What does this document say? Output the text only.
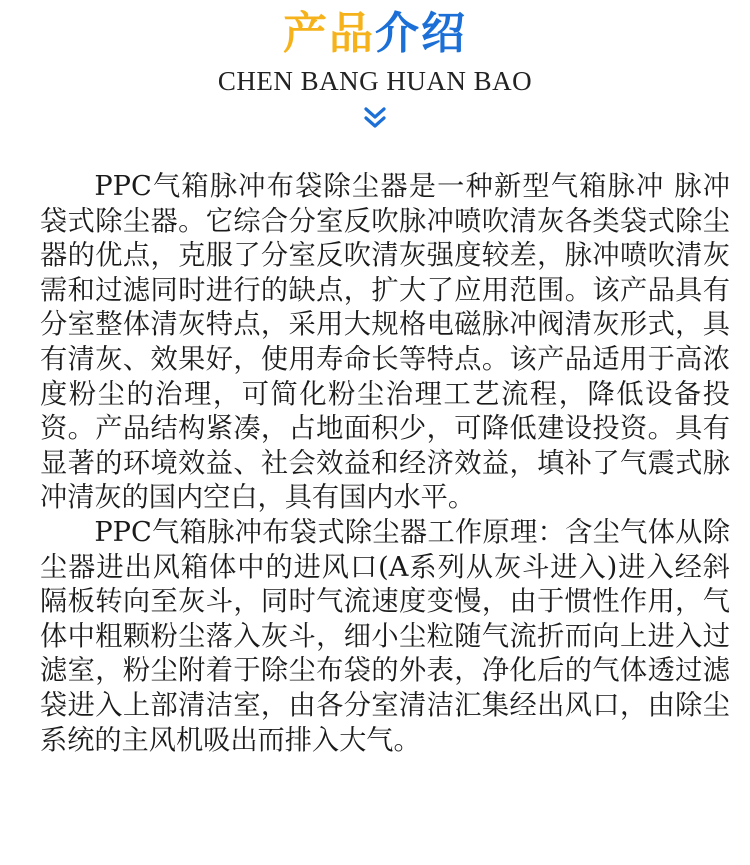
产品介绍
CHEN BANG HUAN BAO

PPC气箱脉冲布袋除尘器是一种新型气箱脉冲 脉冲袋式除尘器。它综合分室反吹脉冲喷吹清灰各类袋式除尘器的优点，克服了分室反吹清灰强度较差，脉冲喷吹清灰需和过滤同时进行的缺点，扩大了应用范围。该产品具有分室整体清灰特点，采用大规格电磁脉冲阀清灰形式，具有清灰、效果好，使用寿命长等特点。该产品适用于高浓度粉尘的治理，可简化粉尘治理工艺流程，降低设备投资。产品结构紧凑，占地面积少，可降低建设投资。具有显著的环境效益、社会效益和经济效益，填补了气震式脉冲清灰的国内空白，具有国内水平。

PPC气箱脉冲布袋式除尘器工作原理：含尘气体从除尘器进出风箱体中的进风口(A系列从灰斗进入)进入经斜隔板转向至灰斗，同时气流速度变慢，由于惯性作用，气体中粗颗粉尘落入灰斗，细小尘粒随气流折而向上进入过滤室，粉尘附着于除尘布袋的外表，净化后的气体透过滤袋进入上部清洁室，由各分室清洁汇集经出风口，由除尘系统的主风机吸出而排入大气。
